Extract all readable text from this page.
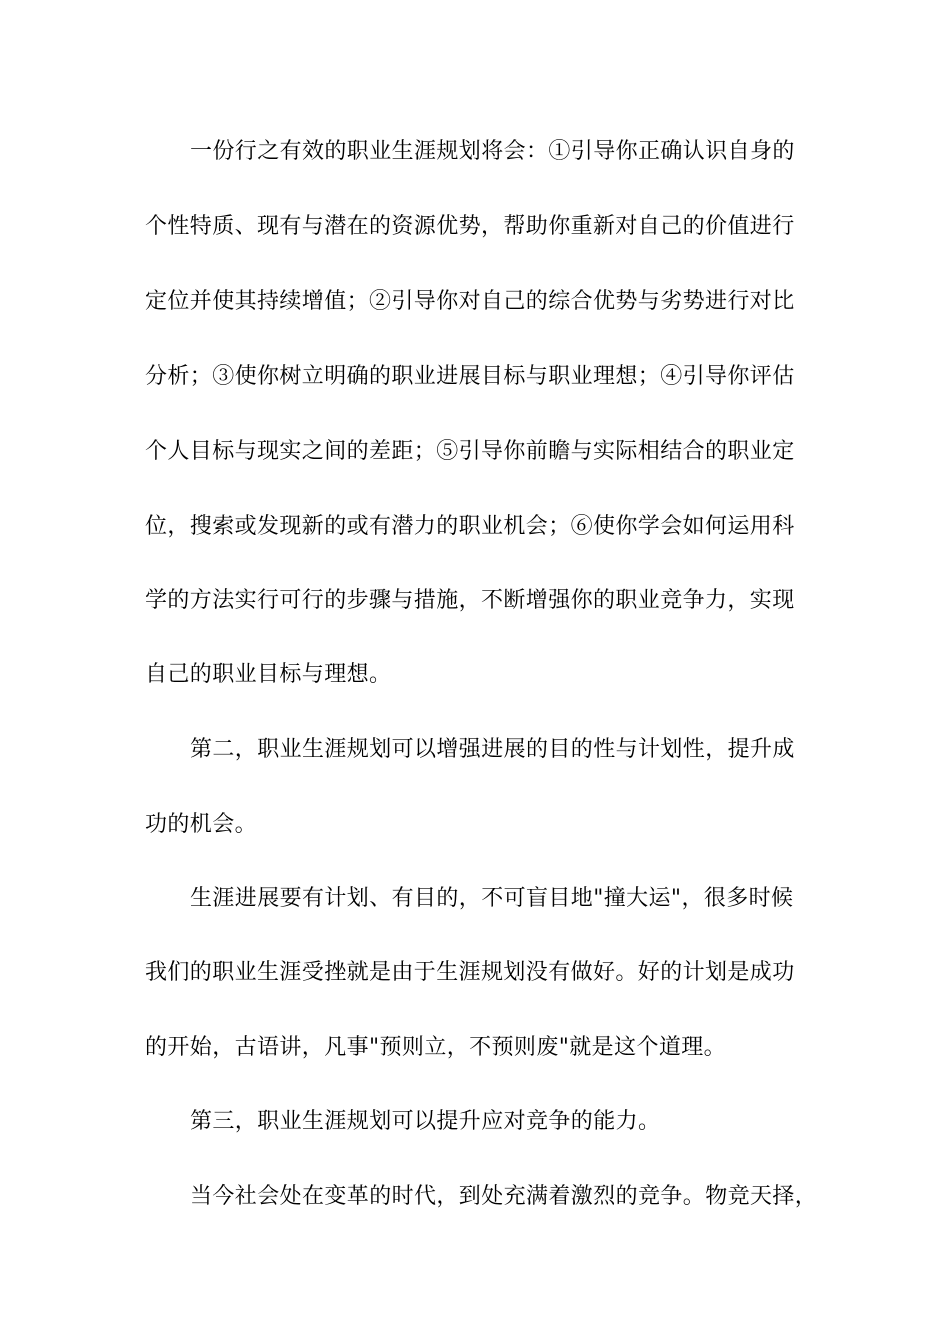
一份行之有效的职业生涯规划将会：①引导你正确认识自身的
个性特质、现有与潜在的资源优势，帮助你重新对自己的价值进行
定位并使其持续增值；②引导你对自己的综合优势与劣势进行对比
分析；③使你树立明确的职业进展目标与职业理想；④引导你评估
个人目标与现实之间的差距；⑤引导你前瞻与实际相结合的职业定
位，搜索或发现新的或有潜力的职业机会；⑥使你学会如何运用科
学的方法实行可行的步骤与措施，不断增强你的职业竞争力，实现
自己的职业目标与理想。
第二，职业生涯规划可以增强进展的目的性与计划性，提升成
功的机会。
生涯进展要有计划、有目的，不可盲目地"撞大运"，很多时候
我们的职业生涯受挫就是由于生涯规划没有做好。好的计划是成功
的开始，古语讲，凡事"预则立，不预则废"就是这个道理。
第三，职业生涯规划可以提升应对竞争的能力。
当今社会处在变革的时代，到处充满着激烈的竞争。物竞天择，
